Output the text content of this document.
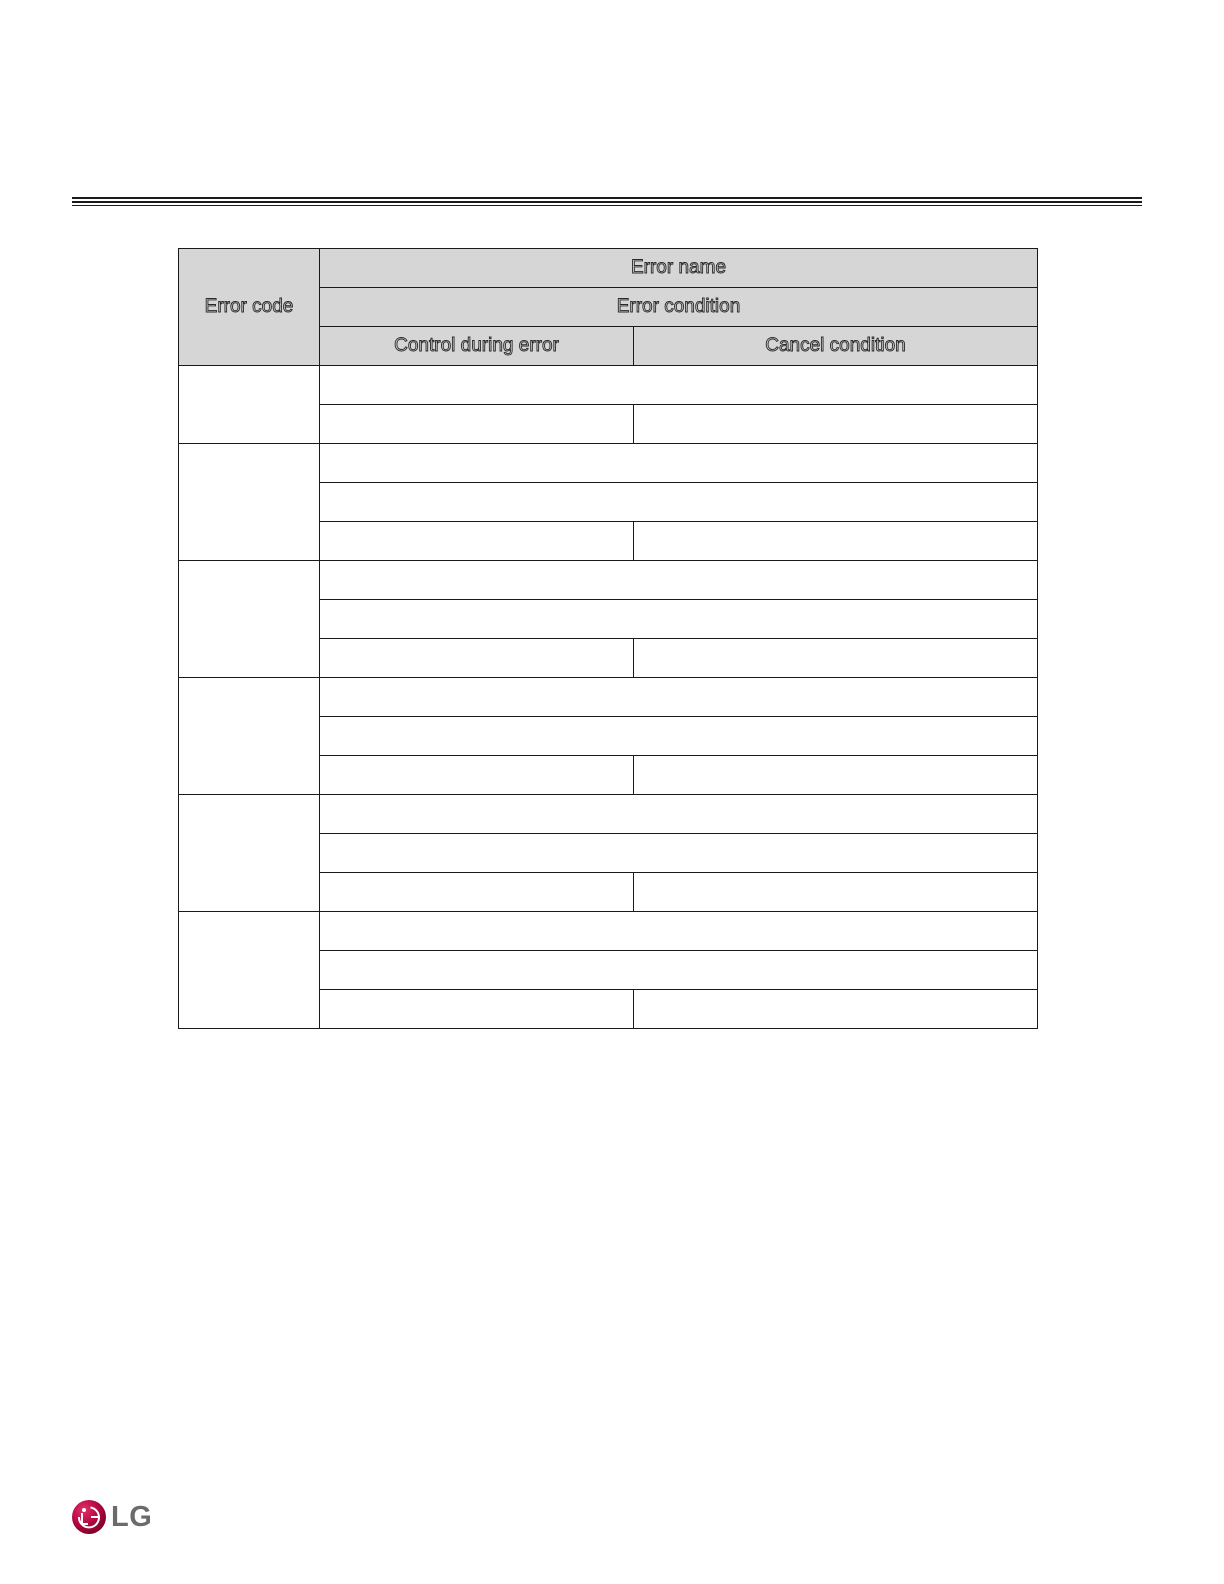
Error code	Error name	
	Error condition	
	Control during error	Cancel condition

LG
